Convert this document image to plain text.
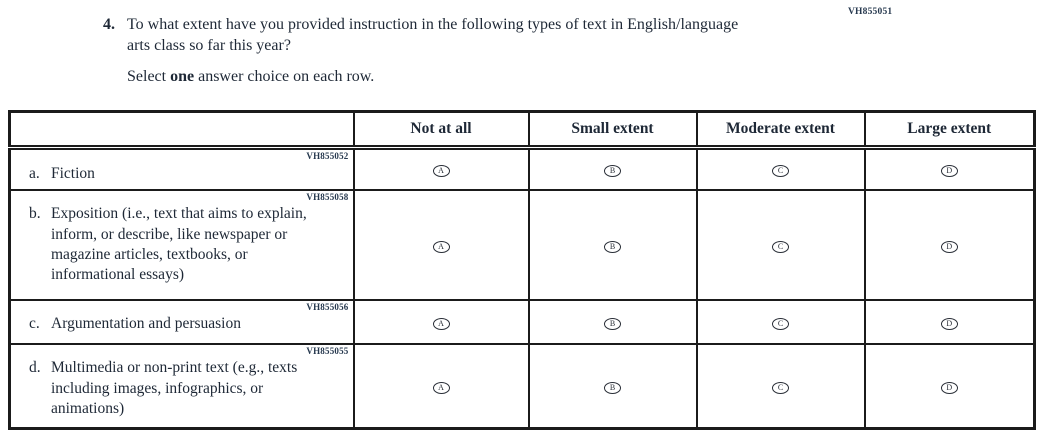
VH855051
4. To what extent have you provided instruction in the following types of text in English/language arts class so far this year?

Select one answer choice on each row.

	Not at all	Small extent	Moderate extent	Large extent

VH855052
a. Fiction	A	B	C	D

VH855058
b. Exposition (i.e., text that aims to explain, inform, or describe, like newspaper or magazine articles, textbooks, or informational essays)	A	B	C	D

VH855056
c. Argumentation and persuasion	A	B	C	D

VH855055
d. Multimedia or non-print text (e.g., texts including images, infographics, or animations)	A	B	C	D
